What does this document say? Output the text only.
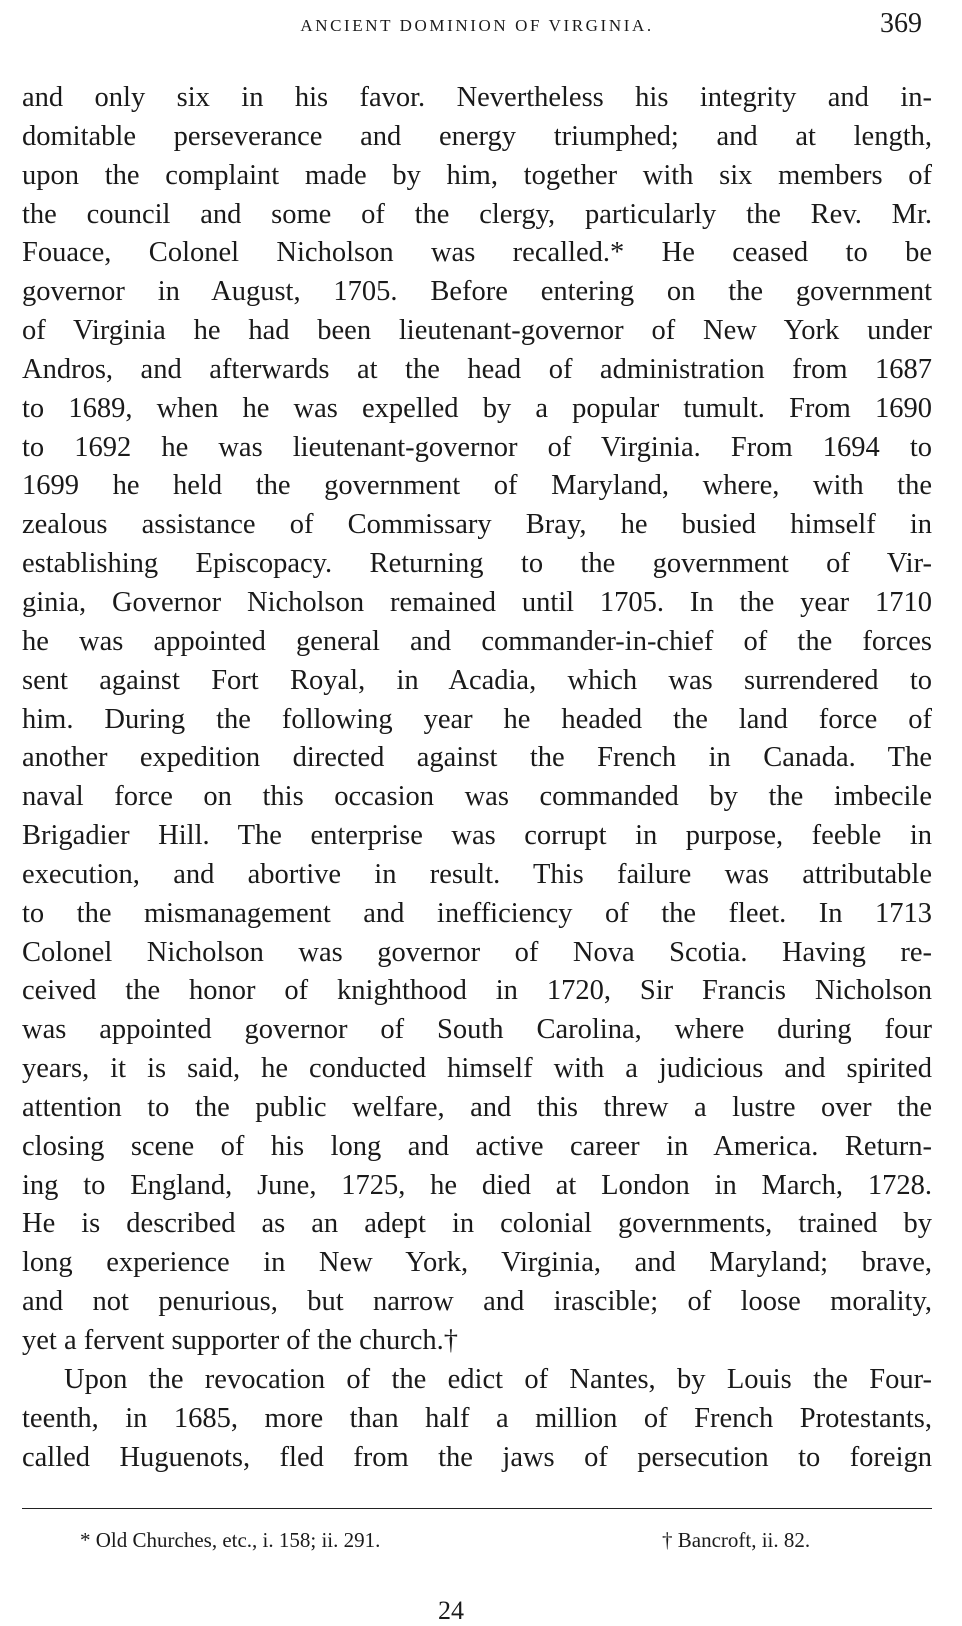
ANCIENT DOMINION OF VIRGINIA.	369
and only six in his favor. Nevertheless his integrity and in-
domitable perseverance and energy triumphed; and at length,
upon the complaint made by him, together with six members of
the council and some of the clergy, particularly the Rev. Mr.
Fouace, Colonel Nicholson was recalled.* He ceased to be
governor in August, 1705. Before entering on the government
of Virginia he had been lieutenant-governor of New York under
Andros, and afterwards at the head of administration from 1687
to 1689, when he was expelled by a popular tumult. From 1690
to 1692 he was lieutenant-governor of Virginia. From 1694 to
1699 he held the government of Maryland, where, with the
zealous assistance of Commissary Bray, he busied himself in
establishing Episcopacy. Returning to the government of Vir-
ginia, Governor Nicholson remained until 1705. In the year 1710
he was appointed general and commander-in-chief of the forces
sent against Fort Royal, in Acadia, which was surrendered to
him. During the following year he headed the land force of
another expedition directed against the French in Canada. The
naval force on this occasion was commanded by the imbecile
Brigadier Hill. The enterprise was corrupt in purpose, feeble in
execution, and abortive in result. This failure was attributable
to the mismanagement and inefficiency of the fleet. In 1713
Colonel Nicholson was governor of Nova Scotia. Having re-
ceived the honor of knighthood in 1720, Sir Francis Nicholson
was appointed governor of South Carolina, where during four
years, it is said, he conducted himself with a judicious and spirited
attention to the public welfare, and this threw a lustre over the
closing scene of his long and active career in America. Return-
ing to England, June, 1725, he died at London in March, 1728.
He is described as an adept in colonial governments, trained by
long experience in New York, Virginia, and Maryland; brave,
and not penurious, but narrow and irascible; of loose morality,
yet a fervent supporter of the church.†
Upon the revocation of the edict of Nantes, by Louis the Four-
teenth, in 1685, more than half a million of French Protestants,
called Huguenots, fled from the jaws of persecution to foreign
* Old Churches, etc., i. 158; ii. 291.	† Bancroft, ii. 82.
24
